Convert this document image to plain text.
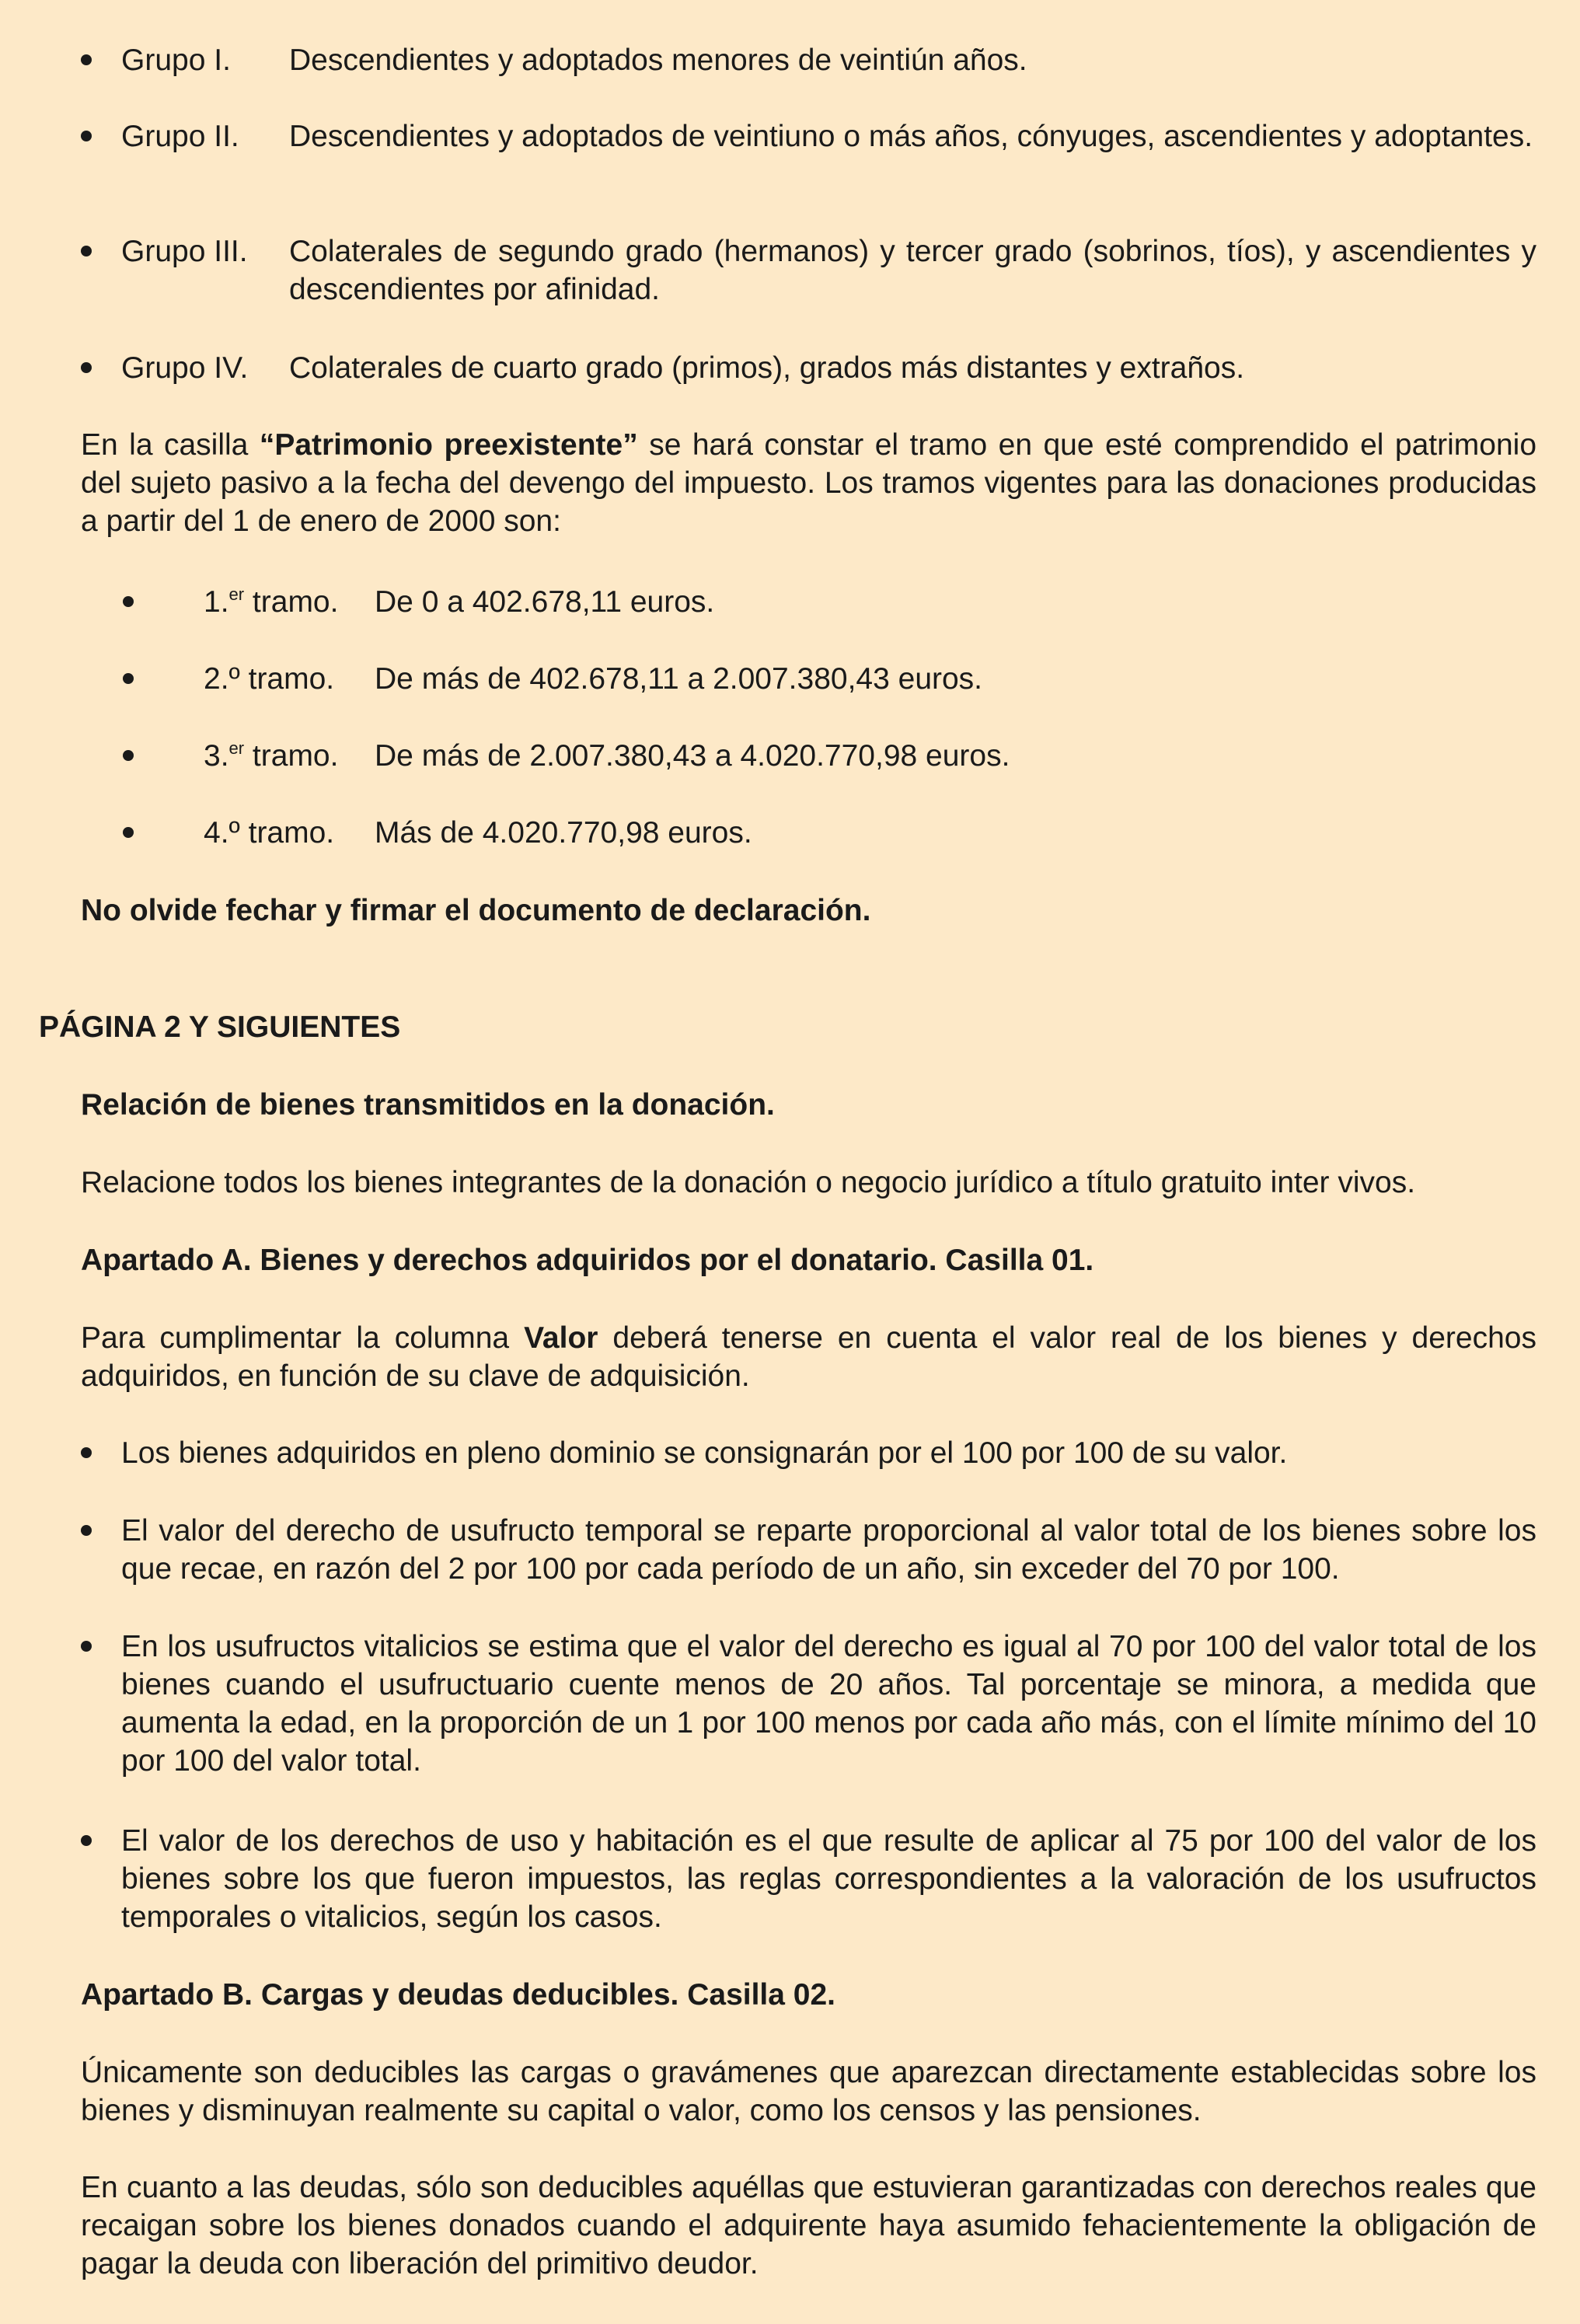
Grupo I. Descendientes y adoptados menores de veintiún años.
Grupo II. Descendientes y adoptados de veintiuno o más años, cónyuges, ascendientes y adoptantes.
Grupo III. Colaterales de segundo grado (hermanos) y tercer grado (sobrinos, tíos), y ascendientes y descendientes por afinidad.
Grupo IV. Colaterales de cuarto grado (primos), grados más distantes y extraños.
En la casilla “Patrimonio preexistente” se hará constar el tramo en que esté comprendido el patrimonio del sujeto pasivo a la fecha del devengo del impuesto. Los tramos vigentes para las donaciones producidas a partir del 1 de enero de 2000 son:
1.$^{er}$ tramo. De 0 a 402.678,11 euros.
2.º tramo. De más de 402.678,11 a 2.007.380,43 euros.
3.$^{er}$ tramo. De más de 2.007.380,43 a 4.020.770,98 euros.
4.º tramo. Más de 4.020.770,98 euros.
No olvide fechar y firmar el documento de declaración.
PÁGINA 2 Y SIGUIENTES
Relación de bienes transmitidos en la donación.
Relacione todos los bienes integrantes de la donación o negocio jurídico a título gratuito inter vivos.
Apartado A. Bienes y derechos adquiridos por el donatario. Casilla 01.
Para cumplimentar la columna Valor deberá tenerse en cuenta el valor real de los bienes y derechos adquiridos, en función de su clave de adquisición.
Los bienes adquiridos en pleno dominio se consignarán por el 100 por 100 de su valor.
El valor del derecho de usufructo temporal se reparte proporcional al valor total de los bienes sobre los que recae, en razón del 2 por 100 por cada período de un año, sin exceder del 70 por 100.
En los usufructos vitalicios se estima que el valor del derecho es igual al 70 por 100 del valor total de los bienes cuando el usufructuario cuente menos de 20 años. Tal porcentaje se minora, a medida que aumenta la edad, en la proporción de un 1 por 100 menos por cada año más, con el límite mínimo del 10 por 100 del valor total.
El valor de los derechos de uso y habitación es el que resulte de aplicar al 75 por 100 del valor de los bienes sobre los que fueron impuestos, las reglas correspondientes a la valoración de los usufructos temporales o vitalicios, según los casos.
Apartado B. Cargas y deudas deducibles. Casilla 02.
Únicamente son deducibles las cargas o gravámenes que aparezcan directamente establecidas sobre los bienes y disminuyan realmente su capital o valor, como los censos y las pensiones.
En cuanto a las deudas, sólo son deducibles aquéllas que estuvieran garantizadas con derechos reales que recaigan sobre los bienes donados cuando el adquirente haya asumido fehacientemente la obligación de pagar la deuda con liberación del primitivo deudor.
